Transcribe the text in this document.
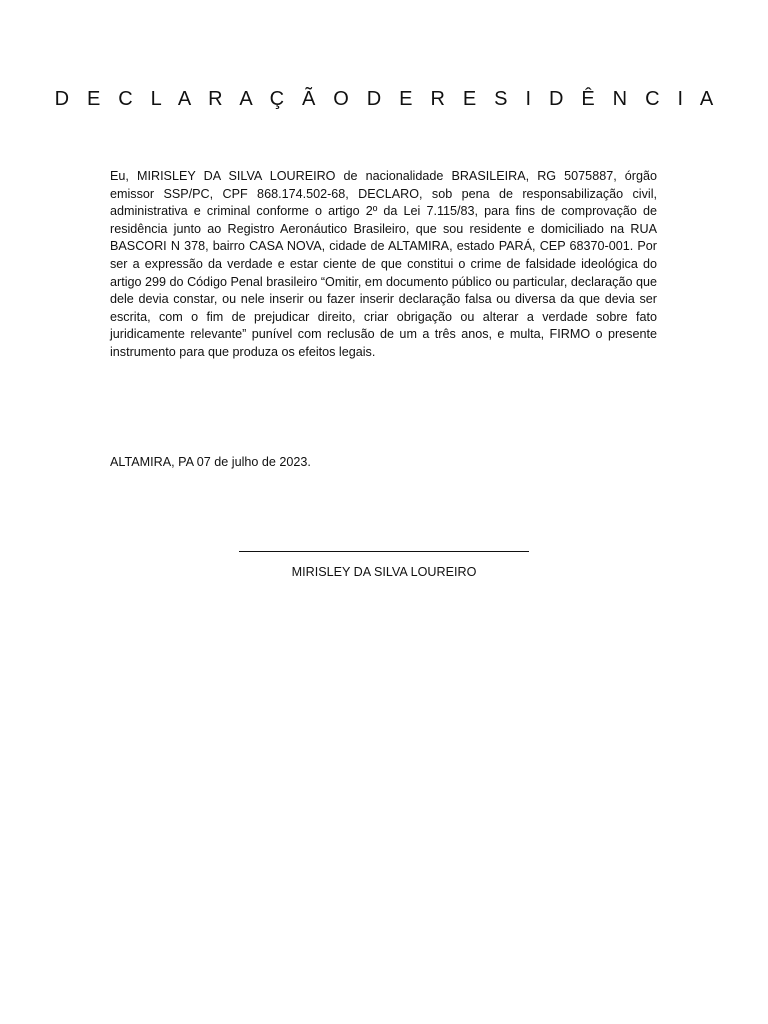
D E C L A R A Ç Ã O D E R E S I D Ê N C I A

Eu, MIRISLEY DA SILVA LOUREIRO de nacionalidade BRASILEIRA, RG 5075887, órgão emissor SSP/PC, CPF 868.174.502-68, DECLARO, sob pena de responsabilização civil, administrativa e criminal conforme o artigo 2º da Lei 7.115/83, para fins de comprovação de residência junto ao Registro Aeronáutico Brasileiro, que sou residente e domiciliado na RUA BASCORI N 378, bairro CASA NOVA, cidade de ALTAMIRA, estado PARÁ, CEP 68370-001. Por ser a expressão da verdade e estar ciente de que constitui o crime de falsidade ideológica do artigo 299 do Código Penal brasileiro “Omitir, em documento público ou particular, declaração que dele devia constar, ou nele inserir ou fazer inserir declaração falsa ou diversa da que devia ser escrita, com o fim de prejudicar direito, criar obrigação ou alterar a verdade sobre fato juridicamente relevante” punível com reclusão de um a três anos, e multa, FIRMO o presente instrumento para que produza os efeitos legais.

ALTAMIRA, PA 07 de julho de 2023.

MIRISLEY DA SILVA LOUREIRO
